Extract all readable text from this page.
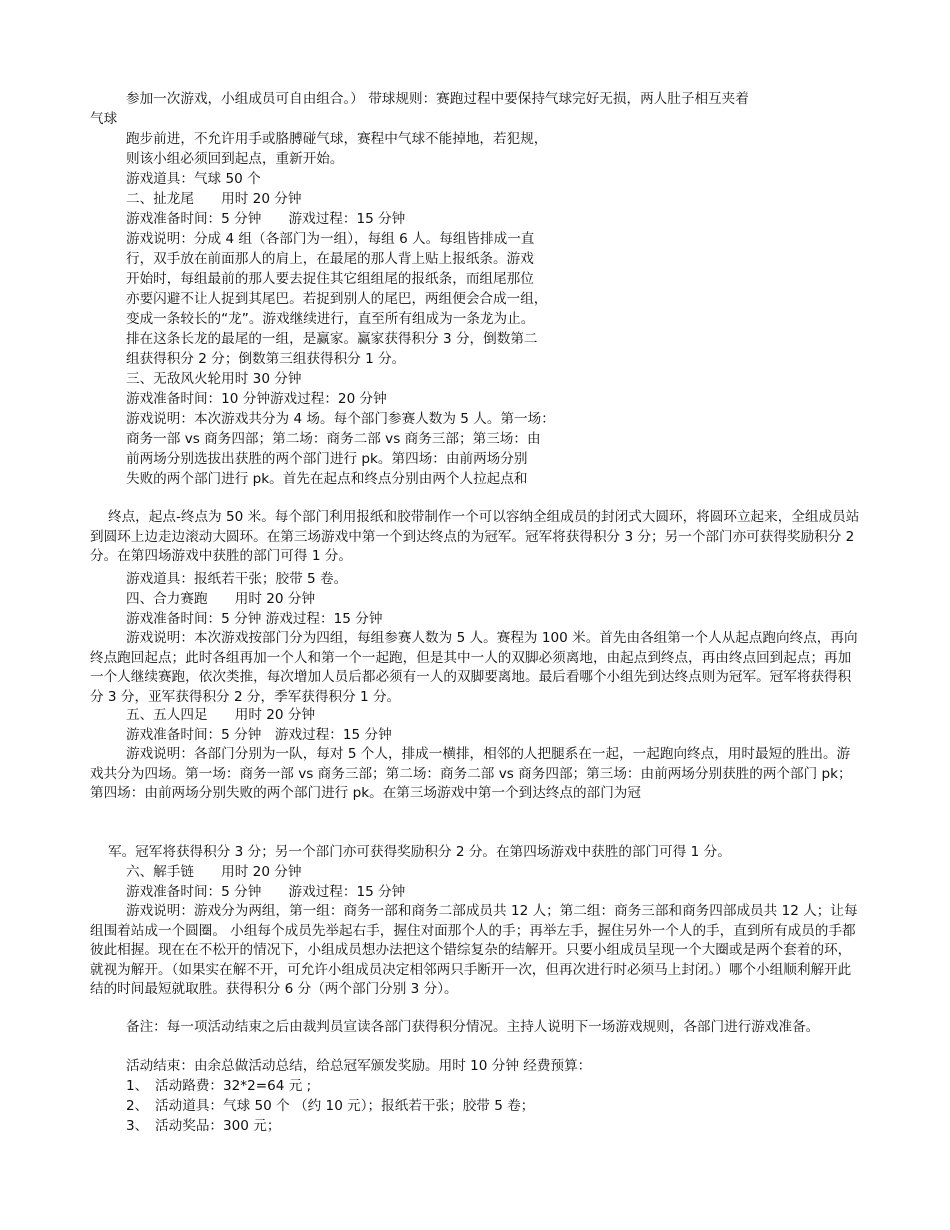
参加一次游戏，小组成员可自由组合。） 带球规则：赛跑过程中要保持气球完好无损，两人肚子相互夹着
气球
跑步前进，不允许用手或胳膊碰气球，赛程中气球不能掉地，若犯规，
则该小组必须回到起点，重新开始。
游戏道具：气球 50 个
二、扯龙尾　　用时 20 分钟
游戏准备时间：5 分钟　　游戏过程：15 分钟
游戏说明：分成 4 组（各部门为一组），每组 6 人。每组皆排成一直
行，双手放在前面那人的肩上，在最尾的那人背上贴上报纸条。游戏
开始时，每组最前的那人要去捉住其它组组尾的报纸条，而组尾那位
亦要闪避不让人捉到其尾巴。若捉到别人的尾巴，两组便会合成一组，
变成一条较长的“龙”。游戏继续进行，直至所有组成为一条龙为止。
排在这条长龙的最尾的一组，是赢家。赢家获得积分 3 分，倒数第二
组获得积分 2 分；倒数第三组获得积分 1 分。
三、无敌风火轮用时 30 分钟
游戏准备时间：10 分钟游戏过程：20 分钟
游戏说明：本次游戏共分为 4 场。每个部门参赛人数为 5 人。第一场：
商务一部 vs 商务四部；第二场：商务二部 vs 商务三部；第三场：由
前两场分别选拔出获胜的两个部门进行 pk。第四场：由前两场分别
失败的两个部门进行 pk。首先在起点和终点分别由两个人拉起点和
终点，起点-终点为 50 米。每个部门利用报纸和胶带制作一个可以容纳全组成员的封闭式大圆环，将圆环立起来，全组成员站到圆环上边走边滚动大圆环。在第三场游戏中第一个到达终点的为冠军。冠军将获得积分 3 分；另一个部门亦可获得奖励积分 2 分。在第四场游戏中获胜的部门可得 1 分。
游戏道具：报纸若干张；胶带 5 卷。
四、合力赛跑　　用时 20 分钟
游戏准备时间：5 分钟 游戏过程：15 分钟
游戏说明：本次游戏按部门分为四组，每组参赛人数为 5 人。赛程为 100 米。首先由各组第一个人从起点跑向终点，再向终点跑回起点；此时各组再加一个人和第一个一起跑，但是其中一人的双脚必须离地，由起点到终点，再由终点回到起点；再加一个人继续赛跑，依次类推，每次增加人员后都必须有一人的双脚要离地。最后看哪个小组先到达终点则为冠军。冠军将获得积分 3 分，亚军获得积分 2 分，季军获得积分 1 分。
五、五人四足　　用时 20 分钟
游戏准备时间：5 分钟　游戏过程：15 分钟
游戏说明：各部门分别为一队，每对 5 个人，排成一横排，相邻的人把腿系在一起，一起跑向终点，用时最短的胜出。游戏共分为四场。第一场：商务一部 vs 商务三部；第二场：商务二部 vs 商务四部；第三场：由前两场分别获胜的两个部门 pk；第四场：由前两场分别失败的两个部门进行 pk。在第三场游戏中第一个到达终点的部门为冠
军。冠军将获得积分 3 分；另一个部门亦可获得奖励积分 2 分。在第四场游戏中获胜的部门可得 1 分。
六、解手链　　用时 20 分钟
游戏准备时间：5 分钟　　游戏过程：15 分钟
游戏说明：游戏分为两组，第一组：商务一部和商务二部成员共 12 人；第二组：商务三部和商务四部成员共 12 人；让每组围着站成一个圆圈。 小组每个成员先举起右手，握住对面那个人的手；再举左手，握住另外一个人的手，直到所有成员的手都彼此相握。现在在不松开的情况下，小组成员想办法把这个错综复杂的结解开。只要小组成员呈现一个大圈或是两个套着的环，就视为解开。（如果实在解不开，可允许小组成员决定相邻两只手断开一次，但再次进行时必须马上封闭。）哪个小组顺利解开此结的时间最短就取胜。获得积分 6 分（两个部门分别 3 分）。
备注：每一项活动结束之后由裁判员宣读各部门获得积分情况。主持人说明下一场游戏规则，各部门进行游戏准备。
活动结束：由余总做活动总结，给总冠军颁发奖励。用时 10 分钟 经费预算：
1、　活动路费：32*2=64 元 ;
2、　活动道具：气球 50 个 （约 10 元）；报纸若干张；胶带 5 卷；
3、　活动奖品：300 元；
